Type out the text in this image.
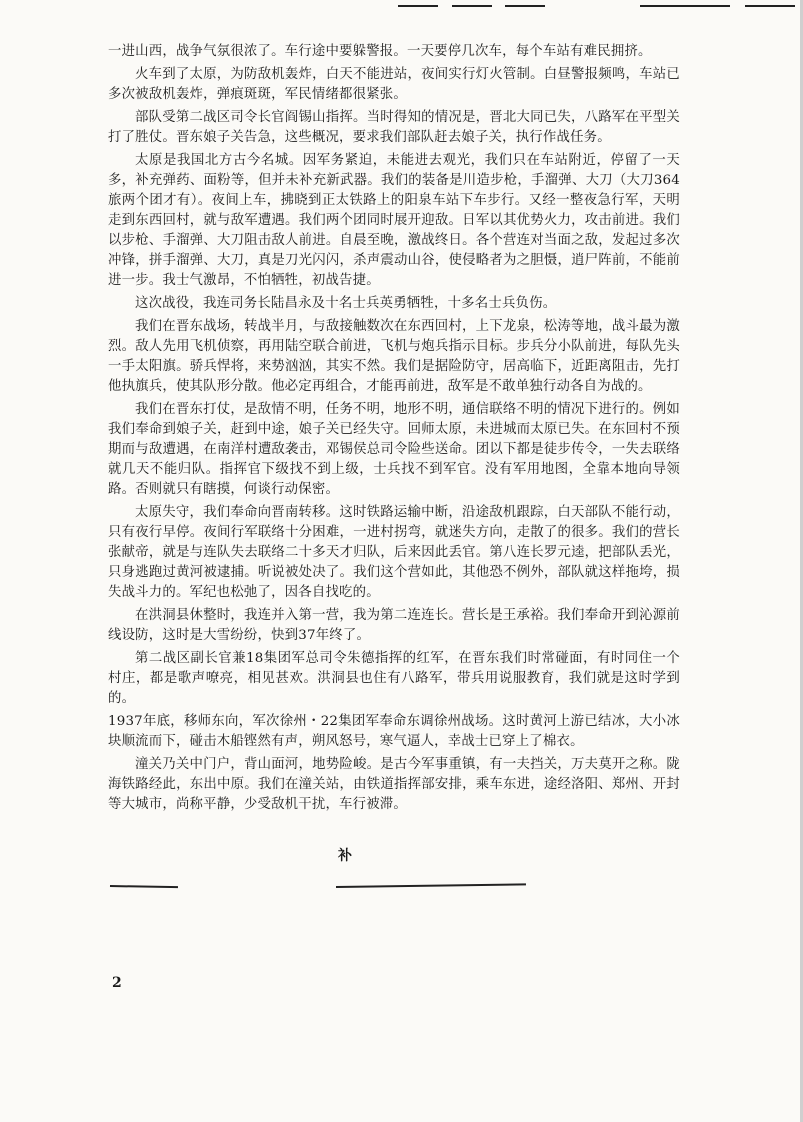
一进山西，战争气氛很浓了。车行途中要躲警报。一天要停几次车，每个车站有难民拥挤。

火车到了太原，为防敌机轰炸，白天不能进站，夜间实行灯火管制。白昼警报频鸣，车站已多次被敌机轰炸，弹痕斑斑，军民情绪都很紧张。

部队受第二战区司令长官阎锡山指挥。当时得知的情况是，晋北大同已失，八路军在平型关打了胜仗。晋东娘子关告急，这些概况，要求我们部队赶去娘子关，执行作战任务。

太原是我国北方古今名城。因军务紧迫，未能进去观光，我们只在车站附近，停留了一天多，补充弹药、面粉等，但并未补充新武器。我们的装备是川造步枪，手溜弹、大刀（大刀364旅两个团才有）。夜间上车，拂晓到正太铁路上的阳泉车站下车步行。又经一整夜急行军，天明走到东西回村，就与敌军遭遇。我们两个团同时展开迎敌。日军以其优势火力，攻击前进。我们以步枪、手溜弹、大刀阻击敌人前进。自晨至晚，激战终日。各个营连对当面之敌，发起过多次冲锋，拼手溜弹、大刀，真是刀光闪闪，杀声震动山谷，使侵略者为之胆慑，逍尸阵前，不能前进一步。我士气激昂，不怕牺牲，初战告捷。

这次战役，我连司务长陆昌永及十名士兵英勇牺牲，十多名士兵负伤。

我们在晋东战场，转战半月，与敌接触数次在东西回村，上下龙泉，松涛等地，战斗最为激烈。敌人先用飞机侦察，再用陆空联合前进，飞机与炮兵指示目标。步兵分小队前进，每队先头一手太阳旗。骄兵悍将，来势汹汹，其实不然。我们是据险防守，居高临下，近距离阻击，先打他执旗兵，使其队形分散。他必定再组合，才能再前进，敌军是不敢单独行动各自为战的。

我们在晋东打仗，是敌情不明，任务不明，地形不明，通信联络不明的情况下进行的。例如我们奉命到娘子关，赶到中途，娘子关已经失守。回师太原，未进城而太原已失。在东回村不预期而与敌遭遇，在南洋村遭敌袭击，邓锡侯总司令险些送命。团以下都是徒步传令，一失去联络就几天不能归队。指挥官下级找不到上级，士兵找不到军官。没有军用地图，全靠本地向导领路。否则就只有瞎摸，何谈行动保密。

太原失守，我们奉命向晋南转移。这时铁路运输中断，沿途敌机跟踪，白天部队不能行动，只有夜行早停。夜间行军联络十分困难，一进村拐弯，就迷失方向，走散了的很多。我们的营长张献帝，就是与连队失去联络二十多天才归队，后来因此丢官。第八连长罗元逵，把部队丢光，只身逃跑过黄河被逮捕。听说被处决了。我们这个营如此，其他恐不例外，部队就这样拖垮，损失战斗力的。军纪也松弛了，因各自找吃的。

在洪洞县休整时，我连并入第一营，我为第二连连长。营长是王承裕。我们奉命开到沁源前线设防，这时是大雪纷纷，快到37年终了。

第二战区副长官兼18集团军总司令朱德指挥的红军，在晋东我们时常碰面，有时同住一个村庄，都是歌声嘹亮，相见甚欢。洪洞县也住有八路军，带兵用说服教育，我们就是这时学到的。

1937年底，移师东向，军次徐州・22集团军奉命东调徐州战场。这时黄河上游已结冰，大小冰块顺流而下，碰击木船铿然有声，朔风怒号，寒气逼人，幸战士已穿上了棉衣。

潼关乃关中门户，背山面河，地势险峻。是古今军事重镇，有一夫挡关，万夫莫开之称。陇海铁路经此，东出中原。我们在潼关站，由铁道指挥部安排，乘车东进，途经洛阳、郑州、开封等大城市，尚称平静，少受敌机干扰，车行被滞。

补
2
